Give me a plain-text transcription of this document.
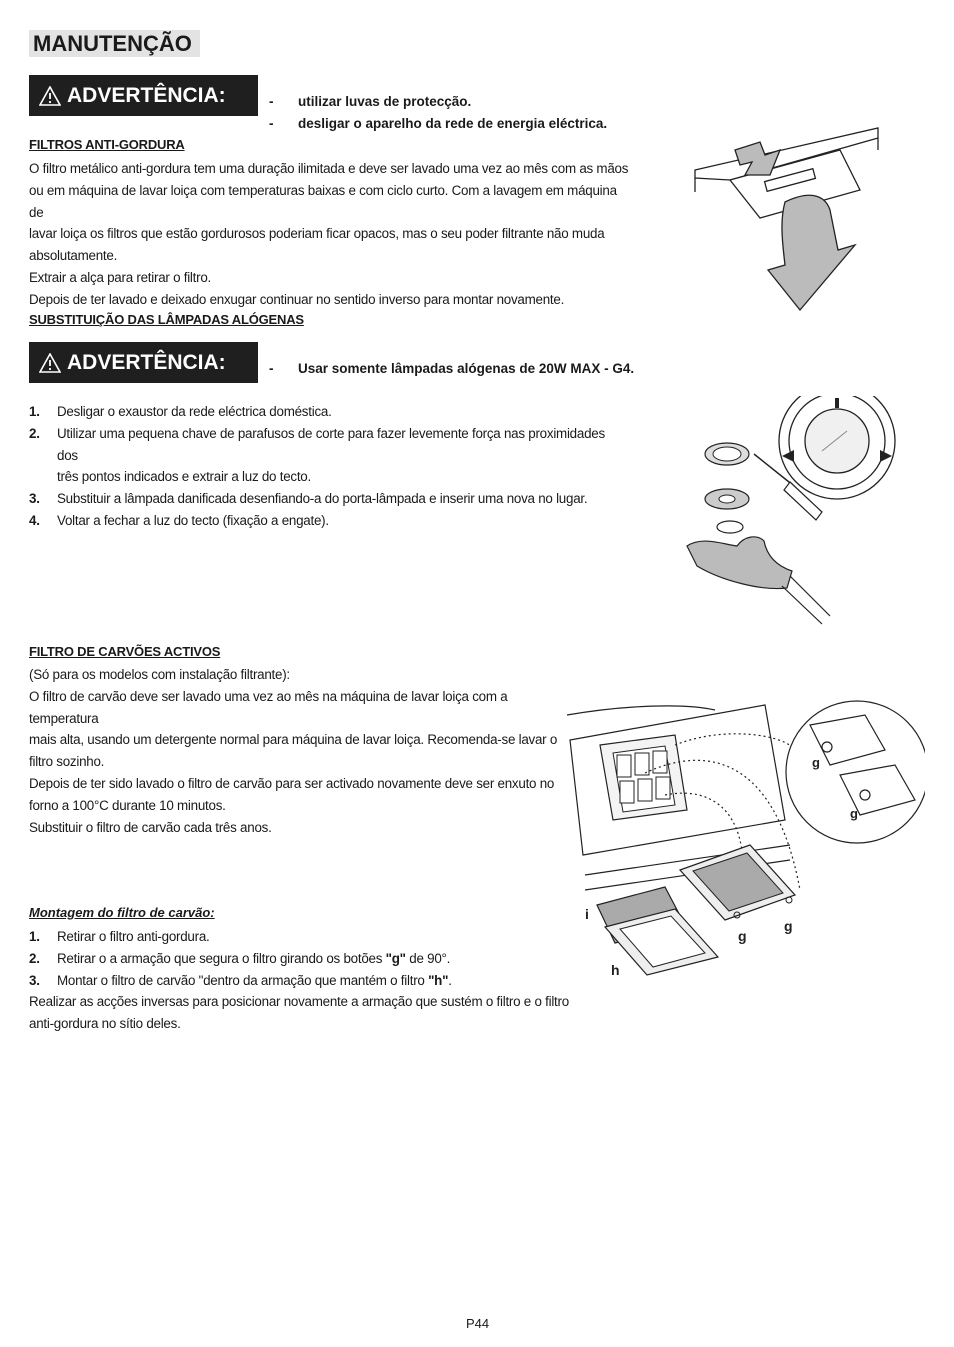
MANUTENÇÃO
ADVERTÊNCIA:	- utilizar luvas de protecção.
- desligar o aparelho da rede de energia eléctrica.
FILTROS ANTI-GORDURA

O filtro metálico anti-gordura tem uma duração ilimitada e deve ser lavado uma vez ao mês com as mãos

ou em máquina de lavar loiça com temperaturas baixas e com ciclo curto. Com a lavagem em máquina de

lavar loiça os filtros que estão gordurosos poderiam ficar opacos, mas o seu poder filtrante não muda

absolutamente.

Extrair a alça para retirar o filtro.

Depois de ter lavado e deixado enxugar continuar no sentido inverso para montar novamente.

SUBSTITUIÇÃO DAS LÂMPADAS ALÓGENAS
ADVERTÊNCIA:	- Usar somente lâmpadas alógenas de 20W MAX - G4.
1.	Desligar o exaustor da rede eléctrica doméstica.
2.	Utilizar uma pequena chave de parafusos de corte para fazer levemente força nas proximidades dos
três pontos indicados e extrair a luz do tecto.
3.	Substituir a lâmpada danificada desenfiando-a do porta-lâmpada e inserir uma nova no lugar.
4.	Voltar a fechar a luz do tecto (fixação a engate).
FILTRO DE CARVÕES ACTIVOS

(Só para os modelos com instalação filtrante):

O filtro de carvão deve ser lavado uma vez ao mês na máquina de lavar loiça com a temperatura

mais alta, usando um detergente normal para máquina de lavar loiça. Recomenda-se lavar o

filtro sozinho.

Depois de ter sido lavado o filtro de carvão para ser activado novamente deve ser enxuto no

forno a 100°C durante 10 minutos.

Substituir o filtro de carvão cada três anos.

g
g
i
g
g
h
Montagem do filtro de carvão:
1.	Retirar o filtro anti-gordura.
2.	Retirar o a armação que segura o filtro girando os botões "g" de 90°.
3.	Montar o filtro de carvão "dentro da armação que mantém o filtro "h".
Realizar as acções inversas para posicionar novamente a armação que sustém o filtro e o filtro
anti-gordura no sítio deles.
P44
